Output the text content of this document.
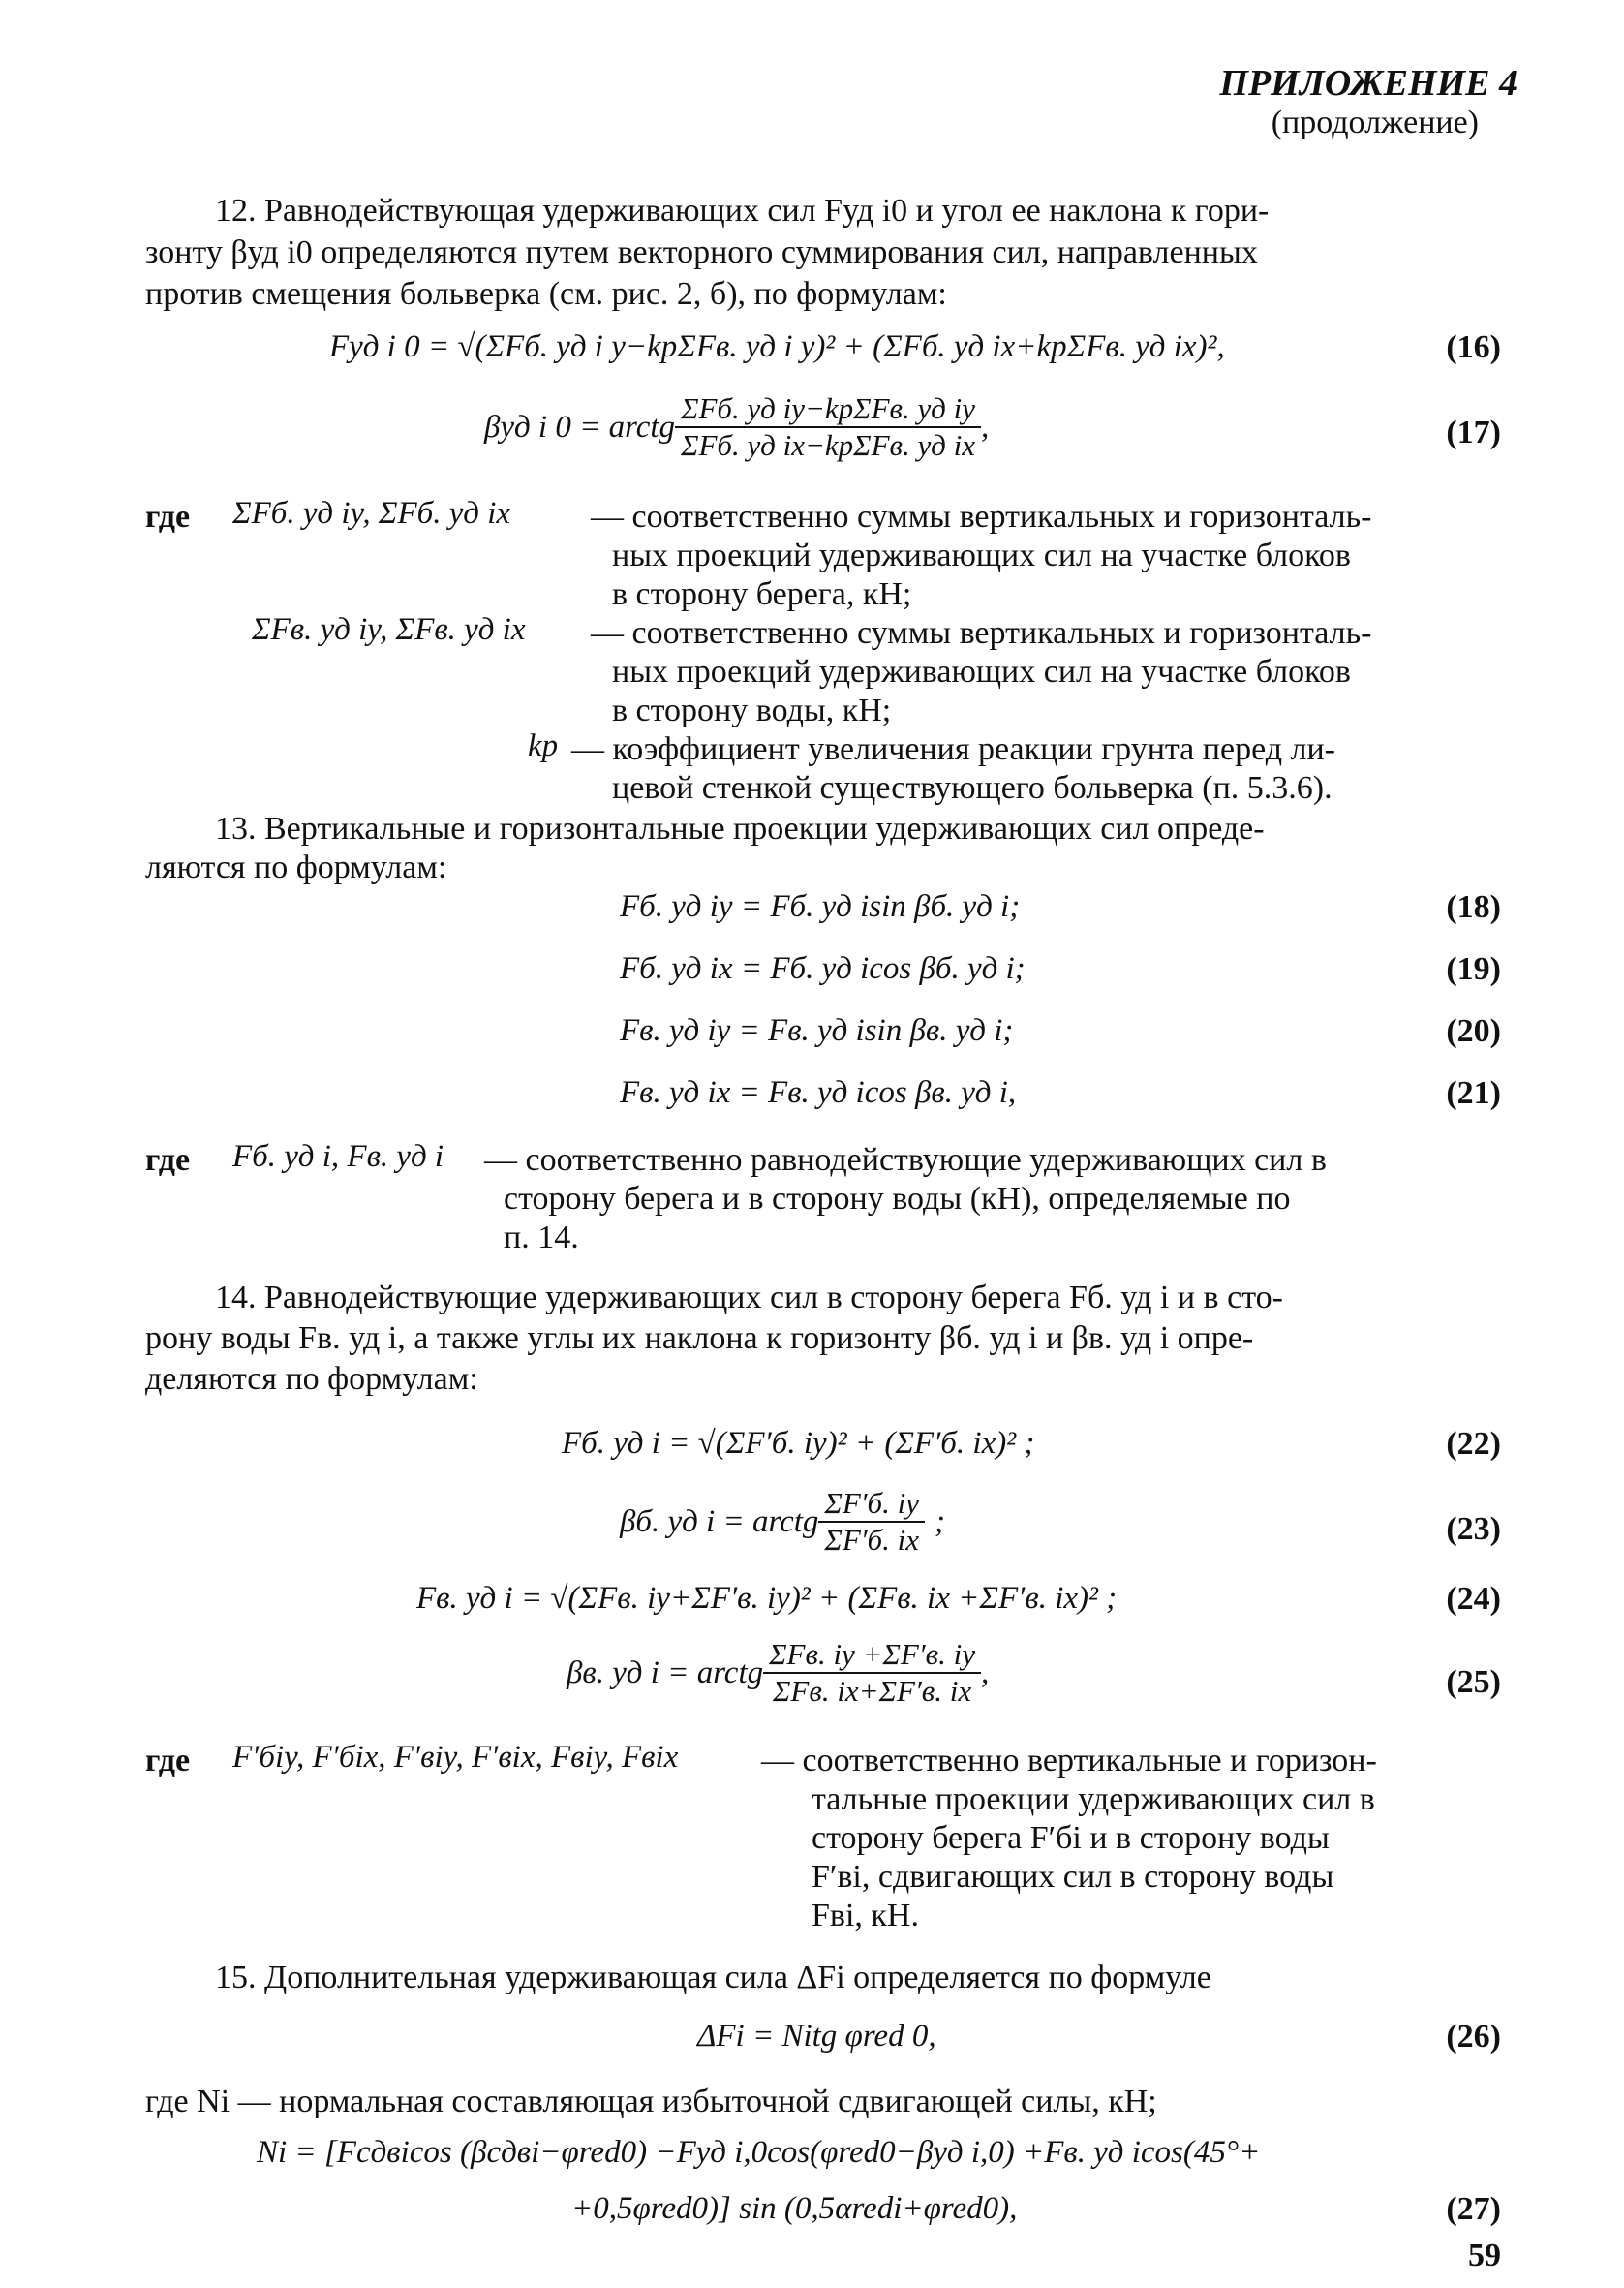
ПРИЛОЖЕНИЕ 4
(продолжение)
12. Равнодействующая удерживающих сил Fуд i0 и угол ее наклона к гори-
зонту βуд i0 определяются путем векторного суммирования сил, направленных
против смещения больверка (см. рис. 2, б), по формулам:
Fуд i 0 = √(ΣFб. уд i y−kpΣFв. уд i y)² + (ΣFб. уд ix+kpΣFв. уд ix)²,	(16)
βуд i 0 = arctg $\frac{\text{ΣFб. уд iy−kpΣFв. уд iy}}{\text{ΣFб. уд ix−kpΣFв. уд ix}}$ ,	(17)
где ΣFб. уд iy, ΣFб. уд ix — соответственно суммы вертикальных и горизонталь-
ных проекций удерживающих сил на участке блоков
в сторону берега, кН;
ΣFв. уд iy, ΣFв. уд ix — соответственно суммы вертикальных и горизонталь-
ных проекций удерживающих сил на участке блоков
в сторону воды, кН;
kp — коэффициент увеличения реакции грунта перед ли-
цевой стенкой существующего больверка (п. 5.3.6).
13. Вертикальные и горизонтальные проекции удерживающих сил опреде-
ляются по формулам:
Fб. уд iy = Fб. уд isin βб. уд i;	(18)
Fб. уд ix = Fб. уд icos βб. уд i;	(19)
Fв. уд iy = Fв. уд isin βв. уд i;	(20)
Fв. уд ix = Fв. уд icos βв. уд i,	(21)
где Fб. уд i, Fв. уд i — соответственно равнодействующие удерживающих сил в
сторону берега и в сторону воды (кН), определяемые по
п. 14.
14. Равнодействующие удерживающих сил в сторону берега Fб. уд i и в сто-
рону воды Fв. уд i, а также углы их наклона к горизонту βб. уд i и βв. уд i опре-
деляются по формулам:
Fб. уд i = √(ΣF′б. iy)² + (ΣF′б. ix)² ;	(22)
βб. уд i = arctg $\frac{\Sigma F'б. iy}{\Sigma F'б. ix}$ ;	(23)
Fв. уд i = √(ΣFв. iy+ΣF′в. iy)² + (ΣFв. ix +ΣF′в. ix)² ;	(24)
βв. уд i = arctg $\frac{\text{ΣFв. iy +ΣF′в. iy}}{\text{ΣFв. ix+ΣF′в. ix}}$ ,	(25)
где F′бiy, F′бix, F′вiy, F′вix, Fвiy, Fвix	— соответственно вертикальные и горизон-
тальные проекции удерживающих сил в
сторону берега F′бi и в сторону воды
F′вi, сдвигающих сил в сторону воды
Fвi, кН.
15. Дополнительная удерживающая сила ΔFi определяется по формуле
ΔFi = Nitg φred 0,	(26)
где Ni — нормальная составляющая избыточной сдвигающей силы, кН;
Ni = [Fсдвicos (βсдвi−φred0) −Fуд i,0cos(φred0−βуд i,0) +Fв. уд icos(45°+
+0,5φred0)] sin (0,5αredi+φred0),	(27)
59
